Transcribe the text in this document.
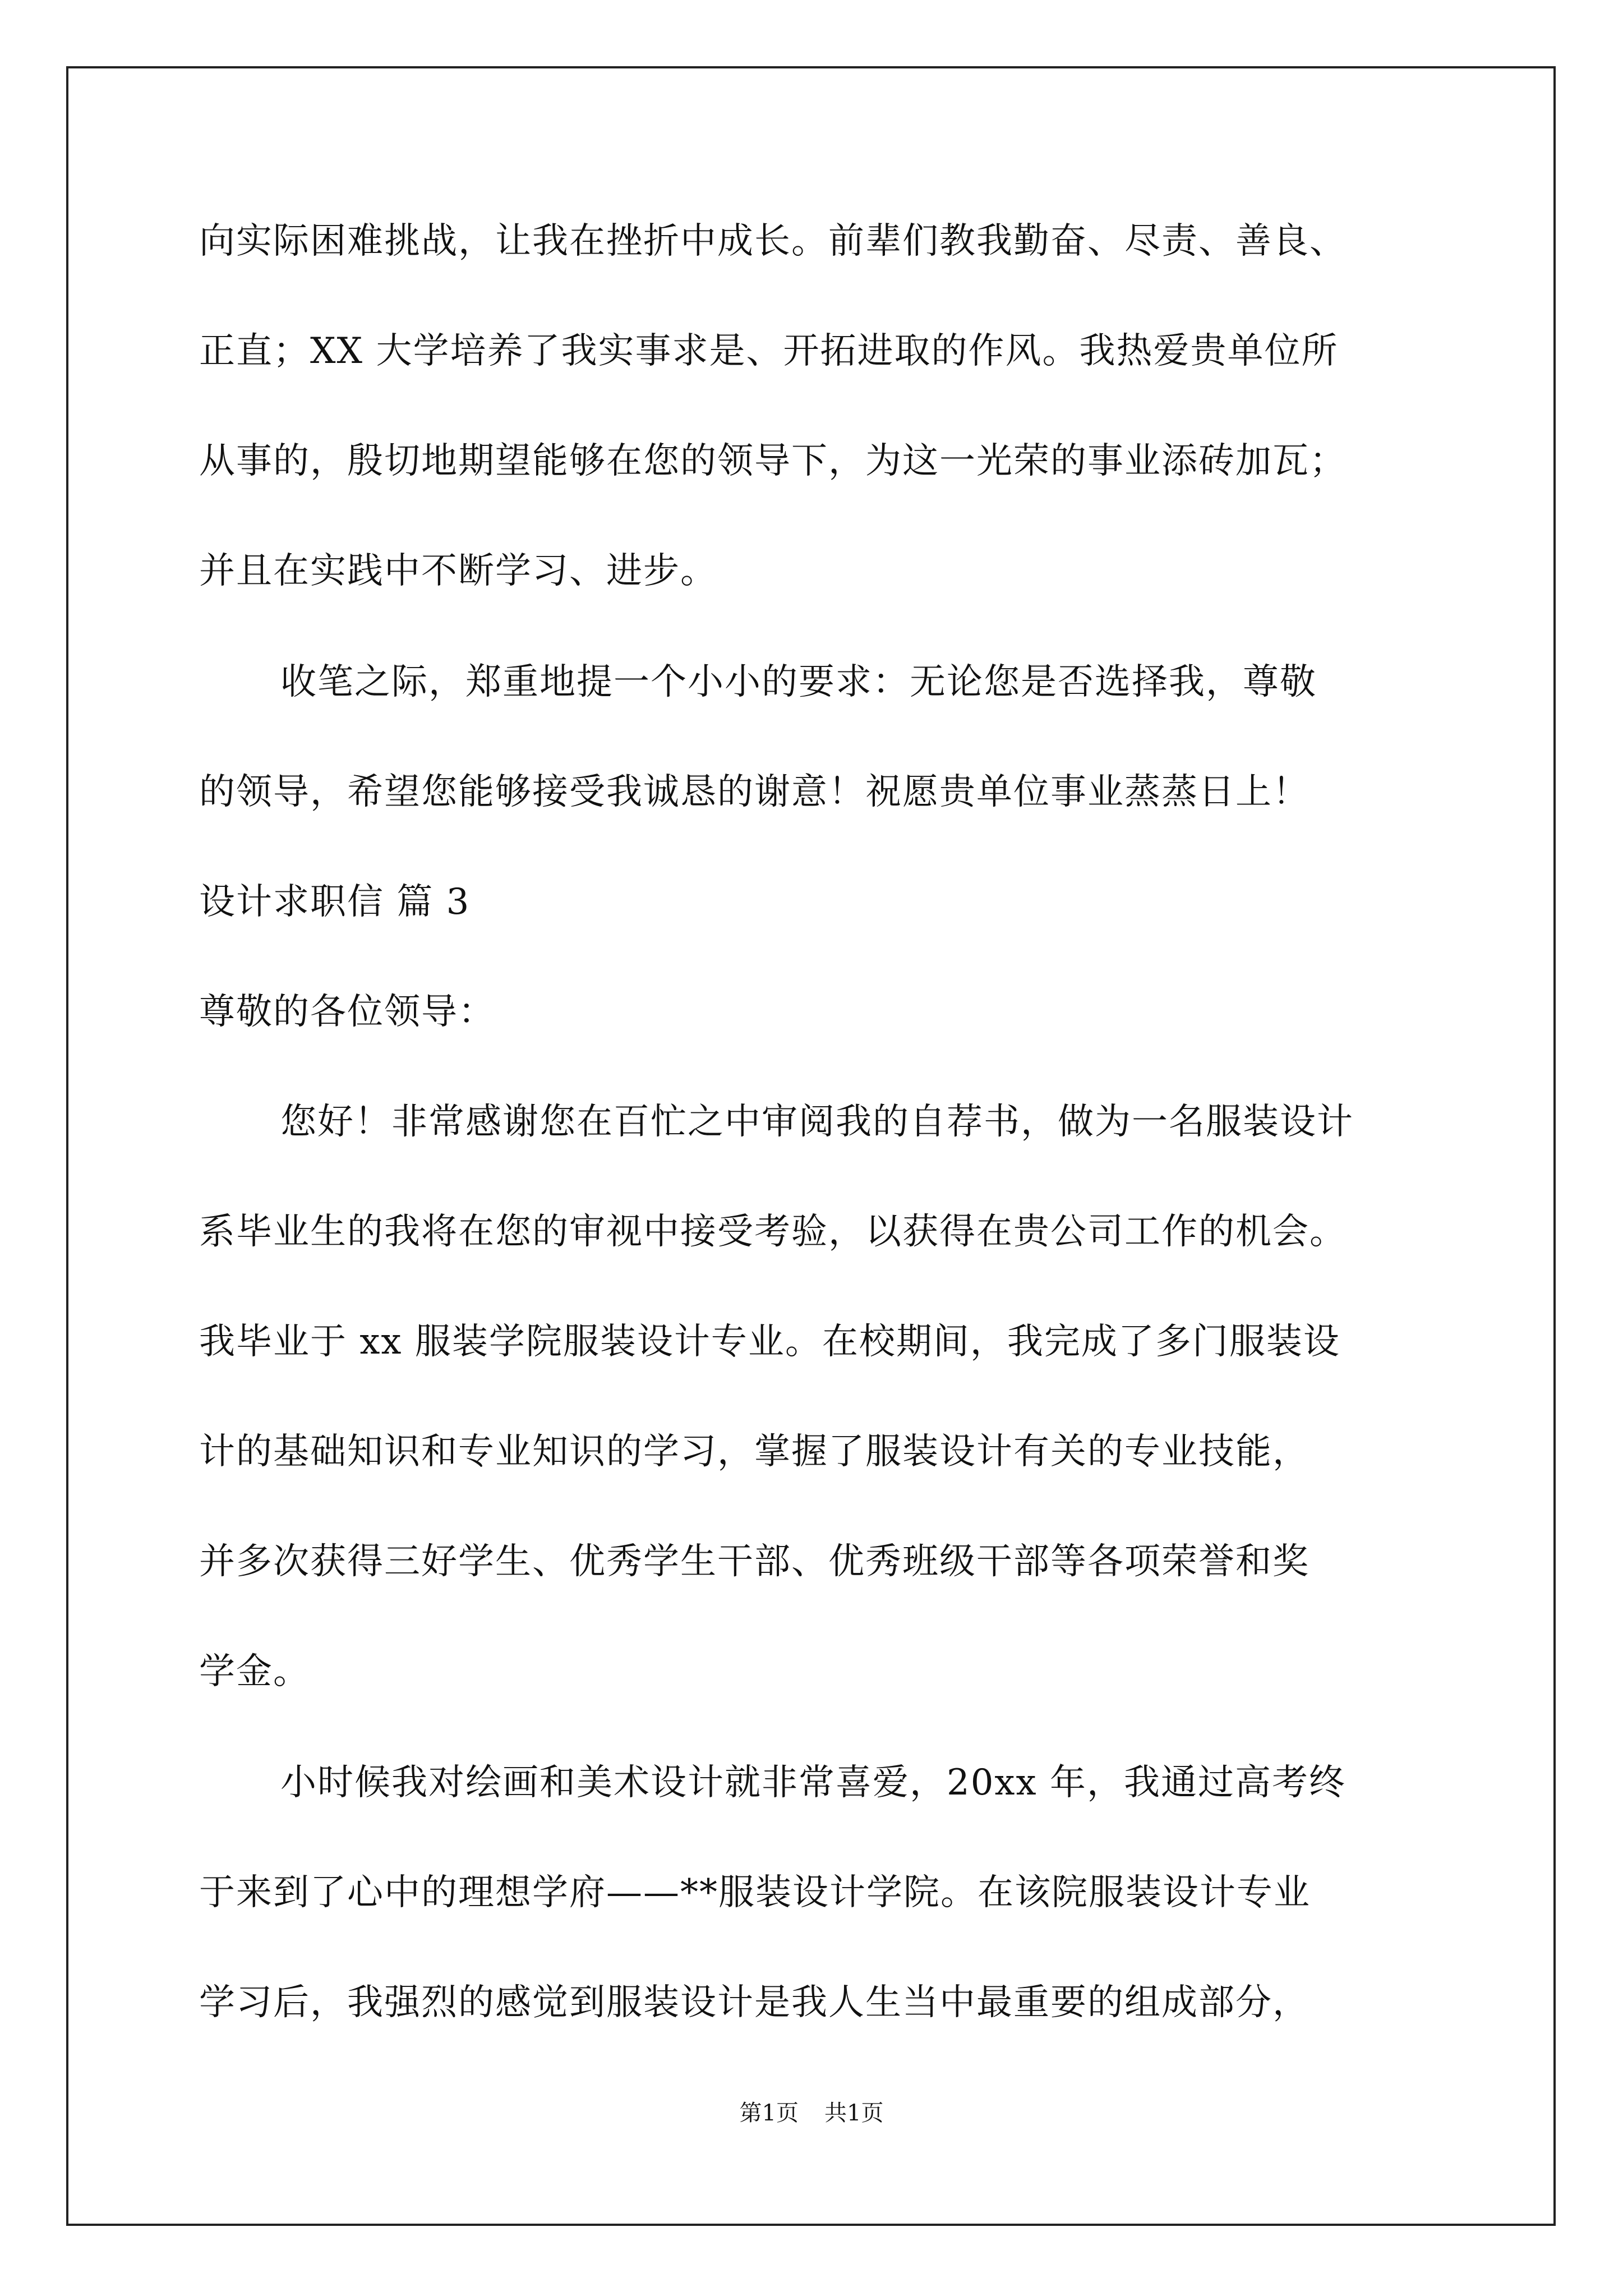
向实际困难挑战，让我在挫折中成长。前辈们教我勤奋、尽责、善良、
正直；XX 大学培养了我实事求是、开拓进取的作风。我热爱贵单位所
从事的，殷切地期望能够在您的领导下，为这一光荣的事业添砖加瓦；
并且在实践中不断学习、进步。
收笔之际，郑重地提一个小小的要求：无论您是否选择我，尊敬
的领导，希望您能够接受我诚恳的谢意！祝愿贵单位事业蒸蒸日上！
设计求职信 篇 3
尊敬的各位领导：
您好！非常感谢您在百忙之中审阅我的自荐书，做为一名服装设计
系毕业生的我将在您的审视中接受考验，以获得在贵公司工作的机会。
我毕业于 xx 服装学院服装设计专业。在校期间，我完成了多门服装设
计的基础知识和专业知识的学习，掌握了服装设计有关的专业技能，
并多次获得三好学生、优秀学生干部、优秀班级干部等各项荣誉和奖
学金。
小时候我对绘画和美术设计就非常喜爱，20xx 年，我通过高考终
于来到了心中的理想学府——**服装设计学院。在该院服装设计专业
学习后，我强烈的感觉到服装设计是我人生当中最重要的组成部分，
第1页 共1页
